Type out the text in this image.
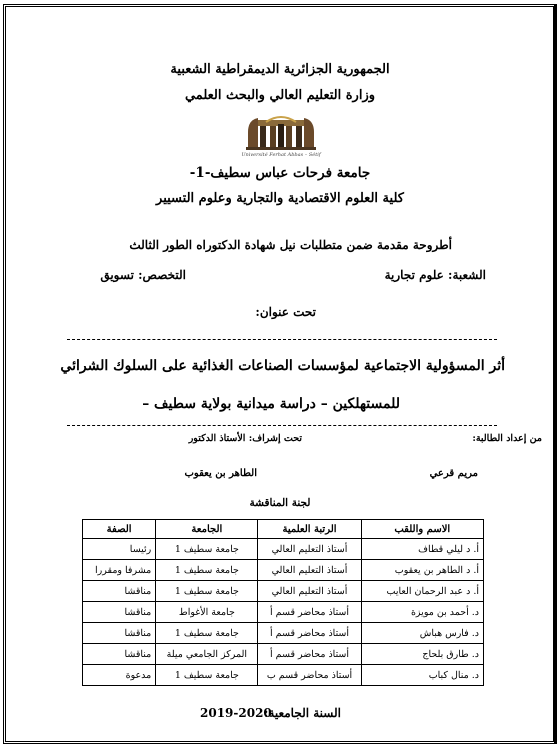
الجمهورية الجزائرية الديمقراطية الشعبية
وزارة التعليم العالي والبحث العلمي
Université Ferhat Abbas – Sétif
جامعة فرحات عباس سطيف-1-
كلية العلوم الاقتصادية والتجارية وعلوم التسيير
أطروحة مقدمة ضمن متطلبات نيل شهادة الدكتوراه الطور الثالث
الشعبة: علوم تجارية
التخصص: تسويق
تحت عنوان:
أثر المسؤولية الاجتماعية لمؤسسات الصناعات الغذائية على السلوك الشرائي
للمستهلكين – دراسة ميدانية بولاية سطيف –
من إعداد الطالبة:
تحت إشراف: الأستاذ الدكتور
مريم قرعي
الطاهر بن يعقوب
لجنة المناقشة
الاسم واللقب	الرتبة العلمية	الجامعة	الصفة
أ. د ليلي قطاف	أستاذ التعليم العالي	جامعة سطيف 1	رئيسا
أ. د الطاهر بن يعقوب	أستاذ التعليم العالي	جامعة سطيف 1	مشرفا ومقررا
أ. د عبد الرحمان العايب	أستاذ التعليم العالي	جامعة سطيف 1	مناقشا
د. أحمد بن مويزة	أستاذ محاضر قسم أ	جامعة الأغواط	مناقشا
د. فارس هباش	أستاذ محاضر قسم أ	جامعة سطيف 1	مناقشا
د. طارق بلحاج	أستاذ محاضر قسم أ	المركز الجامعي ميلة	مناقشا
د. منال كباب	أستاذ محاضر قسم ب	جامعة سطيف 1	مدعوة
السنة الجامعية:
2019-2020
